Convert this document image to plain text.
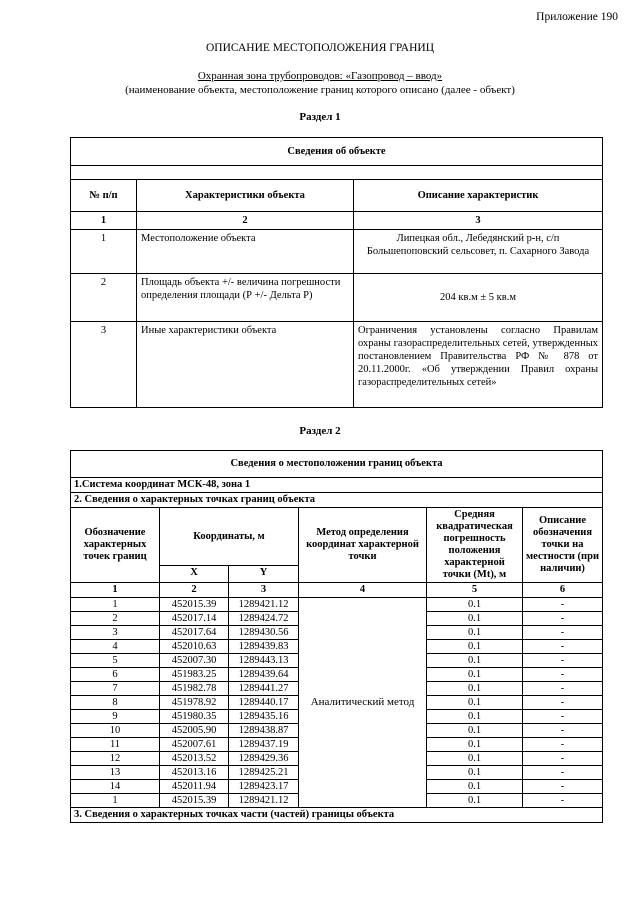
Приложение 190
ОПИСАНИЕ МЕСТОПОЛОЖЕНИЯ ГРАНИЦ
Охранная зона трубопроводов: «Газопровод – ввод»
(наименование объекта, местоположение границ которого описано (далее - объект)
Раздел 1
Сведения об объекте		

№ п/п	Характеристики объекта	Описание характеристик
1	2	3
1	Местоположение объекта	Липецкая обл., Лебедянский р-н, с/п Большепоповский сельсовет, п. Сахарного Завода
2	Площадь объекта +/- величина погрешности определения площади (Р +/- Дельта Р)	204 кв.м ± 5 кв.м
3	Иные характеристики объекта	Ограничения установлены согласно Правилам охраны газораспределительных сетей, утвержденных постановлением Правительства РФ № 878 от 20.11.2000г. «Об утверждении Правил охраны газораспределительных сетей»
Раздел 2
Сведения о местоположении границ объекта					
1.Система координат МСК-48, зона 1					
2. Сведения о характерных точках границ объекта					
Обозначение характерных точек границ	Координаты, м		Метод определения координат характерной точки	Средняя квадратическая погрешность положения характерной точки (Mt), м	Описание обозначения точки на местности (при наличии)
	X	Y			
1	2	3	4	5	6
1	452015.39	1289421.12	Аналитический метод	0.1	-
2	452017.14	1289424.72		0.1	-
3	452017.64	1289430.56		0.1	-
4	452010.63	1289439.83		0.1	-
5	452007.30	1289443.13		0.1	-
6	451983.25	1289439.64		0.1	-
7	451982.78	1289441.27		0.1	-
8	451978.92	1289440.17		0.1	-
9	451980.35	1289435.16		0.1	-
10	452005.90	1289438.87		0.1	-
11	452007.61	1289437.19		0.1	-
12	452013.52	1289429.36		0.1	-
13	452013.16	1289425.21		0.1	-
14	452011.94	1289423.17		0.1	-
1	452015.39	1289421.12		0.1	-
3. Сведения о характерных точках части (частей) границы объекта					
